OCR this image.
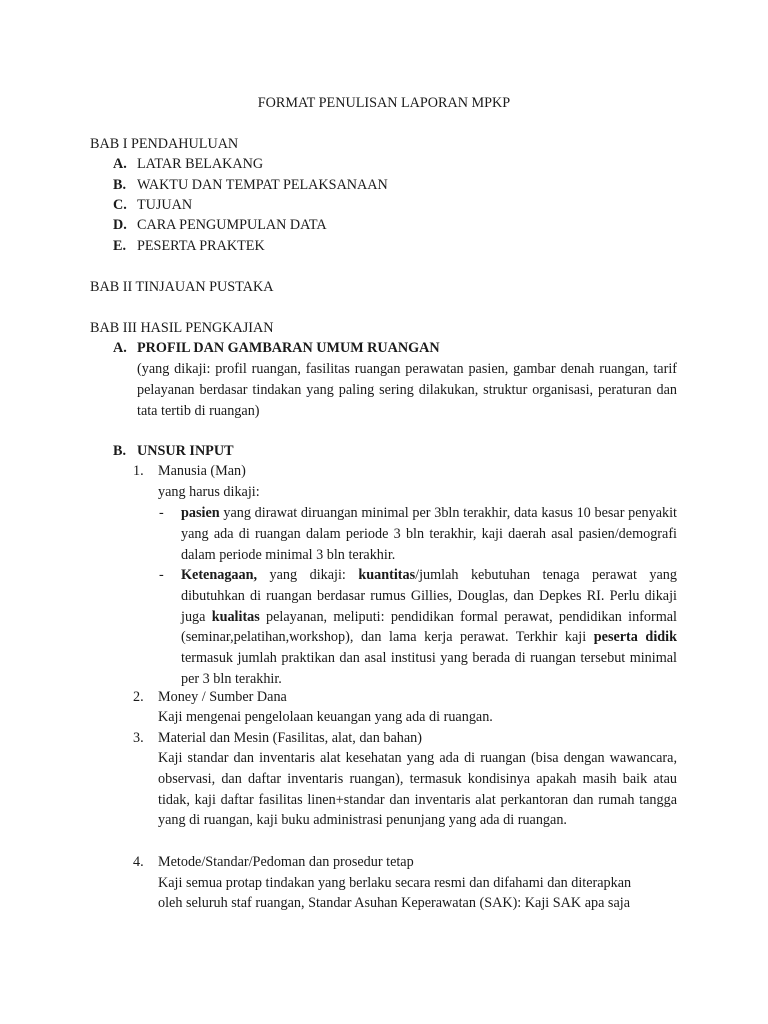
FORMAT PENULISAN LAPORAN MPKP
BAB I PENDAHULUAN
A. LATAR BELAKANG
B. WAKTU DAN TEMPAT PELAKSANAAN
C. TUJUAN
D. CARA PENGUMPULAN DATA
E. PESERTA PRAKTEK
BAB II TINJAUAN PUSTAKA
BAB III HASIL PENGKAJIAN
A. PROFIL DAN GAMBARAN UMUM RUANGAN
(yang dikaji: profil ruangan, fasilitas ruangan perawatan pasien, gambar denah ruangan, tarif pelayanan berdasar tindakan yang paling sering dilakukan, struktur organisasi, peraturan dan tata tertib di ruangan)
B. UNSUR INPUT
1. Manusia (Man)
yang harus dikaji:
- pasien yang dirawat diruangan minimal per 3bln terakhir, data kasus 10 besar penyakit yang ada di ruangan dalam periode 3 bln terakhir, kaji daerah asal pasien/demografi dalam periode minimal 3 bln terakhir.
- Ketenagaan, yang dikaji: kuantitas/jumlah kebutuhan tenaga perawat yang dibutuhkan di ruangan berdasar rumus Gillies, Douglas, dan Depkes RI. Perlu dikaji juga kualitas pelayanan, meliputi: pendidikan formal perawat, pendidikan informal (seminar,pelatihan,workshop), dan lama kerja perawat. Terkhir kaji peserta didik termasuk jumlah praktikan dan asal institusi yang berada di ruangan tersebut minimal per 3 bln terakhir.
2. Money / Sumber Dana
Kaji mengenai pengelolaan keuangan yang ada di ruangan.
3. Material dan Mesin (Fasilitas, alat, dan bahan)
Kaji standar dan inventaris alat kesehatan yang ada di ruangan (bisa dengan wawancara, observasi, dan daftar inventaris ruangan), termasuk kondisinya apakah masih baik atau tidak, kaji daftar fasilitas linen+standar dan inventaris alat perkantoran dan rumah tangga yang di ruangan, kaji buku administrasi penunjang yang ada di ruangan.
4. Metode/Standar/Pedoman dan prosedur tetap
Kaji semua protap tindakan yang berlaku secara resmi dan difahami dan diterapkan
oleh seluruh staf ruangan, Standar Asuhan Keperawatan (SAK): Kaji SAK apa saja
